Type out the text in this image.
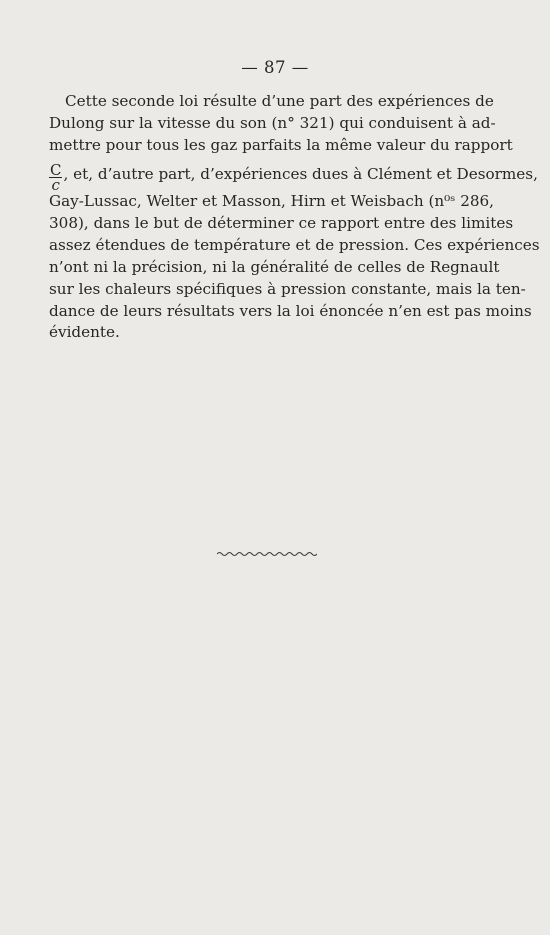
— 87 —
Cette seconde loi résulte d’une part des expériences de
Dulong sur la vitesse du son (n° 321) qui conduisent à ad-
mettre pour tous les gaz parfaits la même valeur du rapport
$\frac{C}{c}$ , et, d’autre part, d’expériences dues à Clément et Desormes,
Gay-Lussac, Welter et Masson, Hirn et Weisbach (n⁰ˢ 286,
308), dans le but de déterminer ce rapport entre des limites
assez étendues de température et de pression. Ces expériences
n’ont ni la précision, ni la généralité de celles de Regnault
sur les chaleurs spécifiques à pression constante, mais la ten-
dance de leurs résultats vers la loi énoncée n’en est pas moins
évidente.
